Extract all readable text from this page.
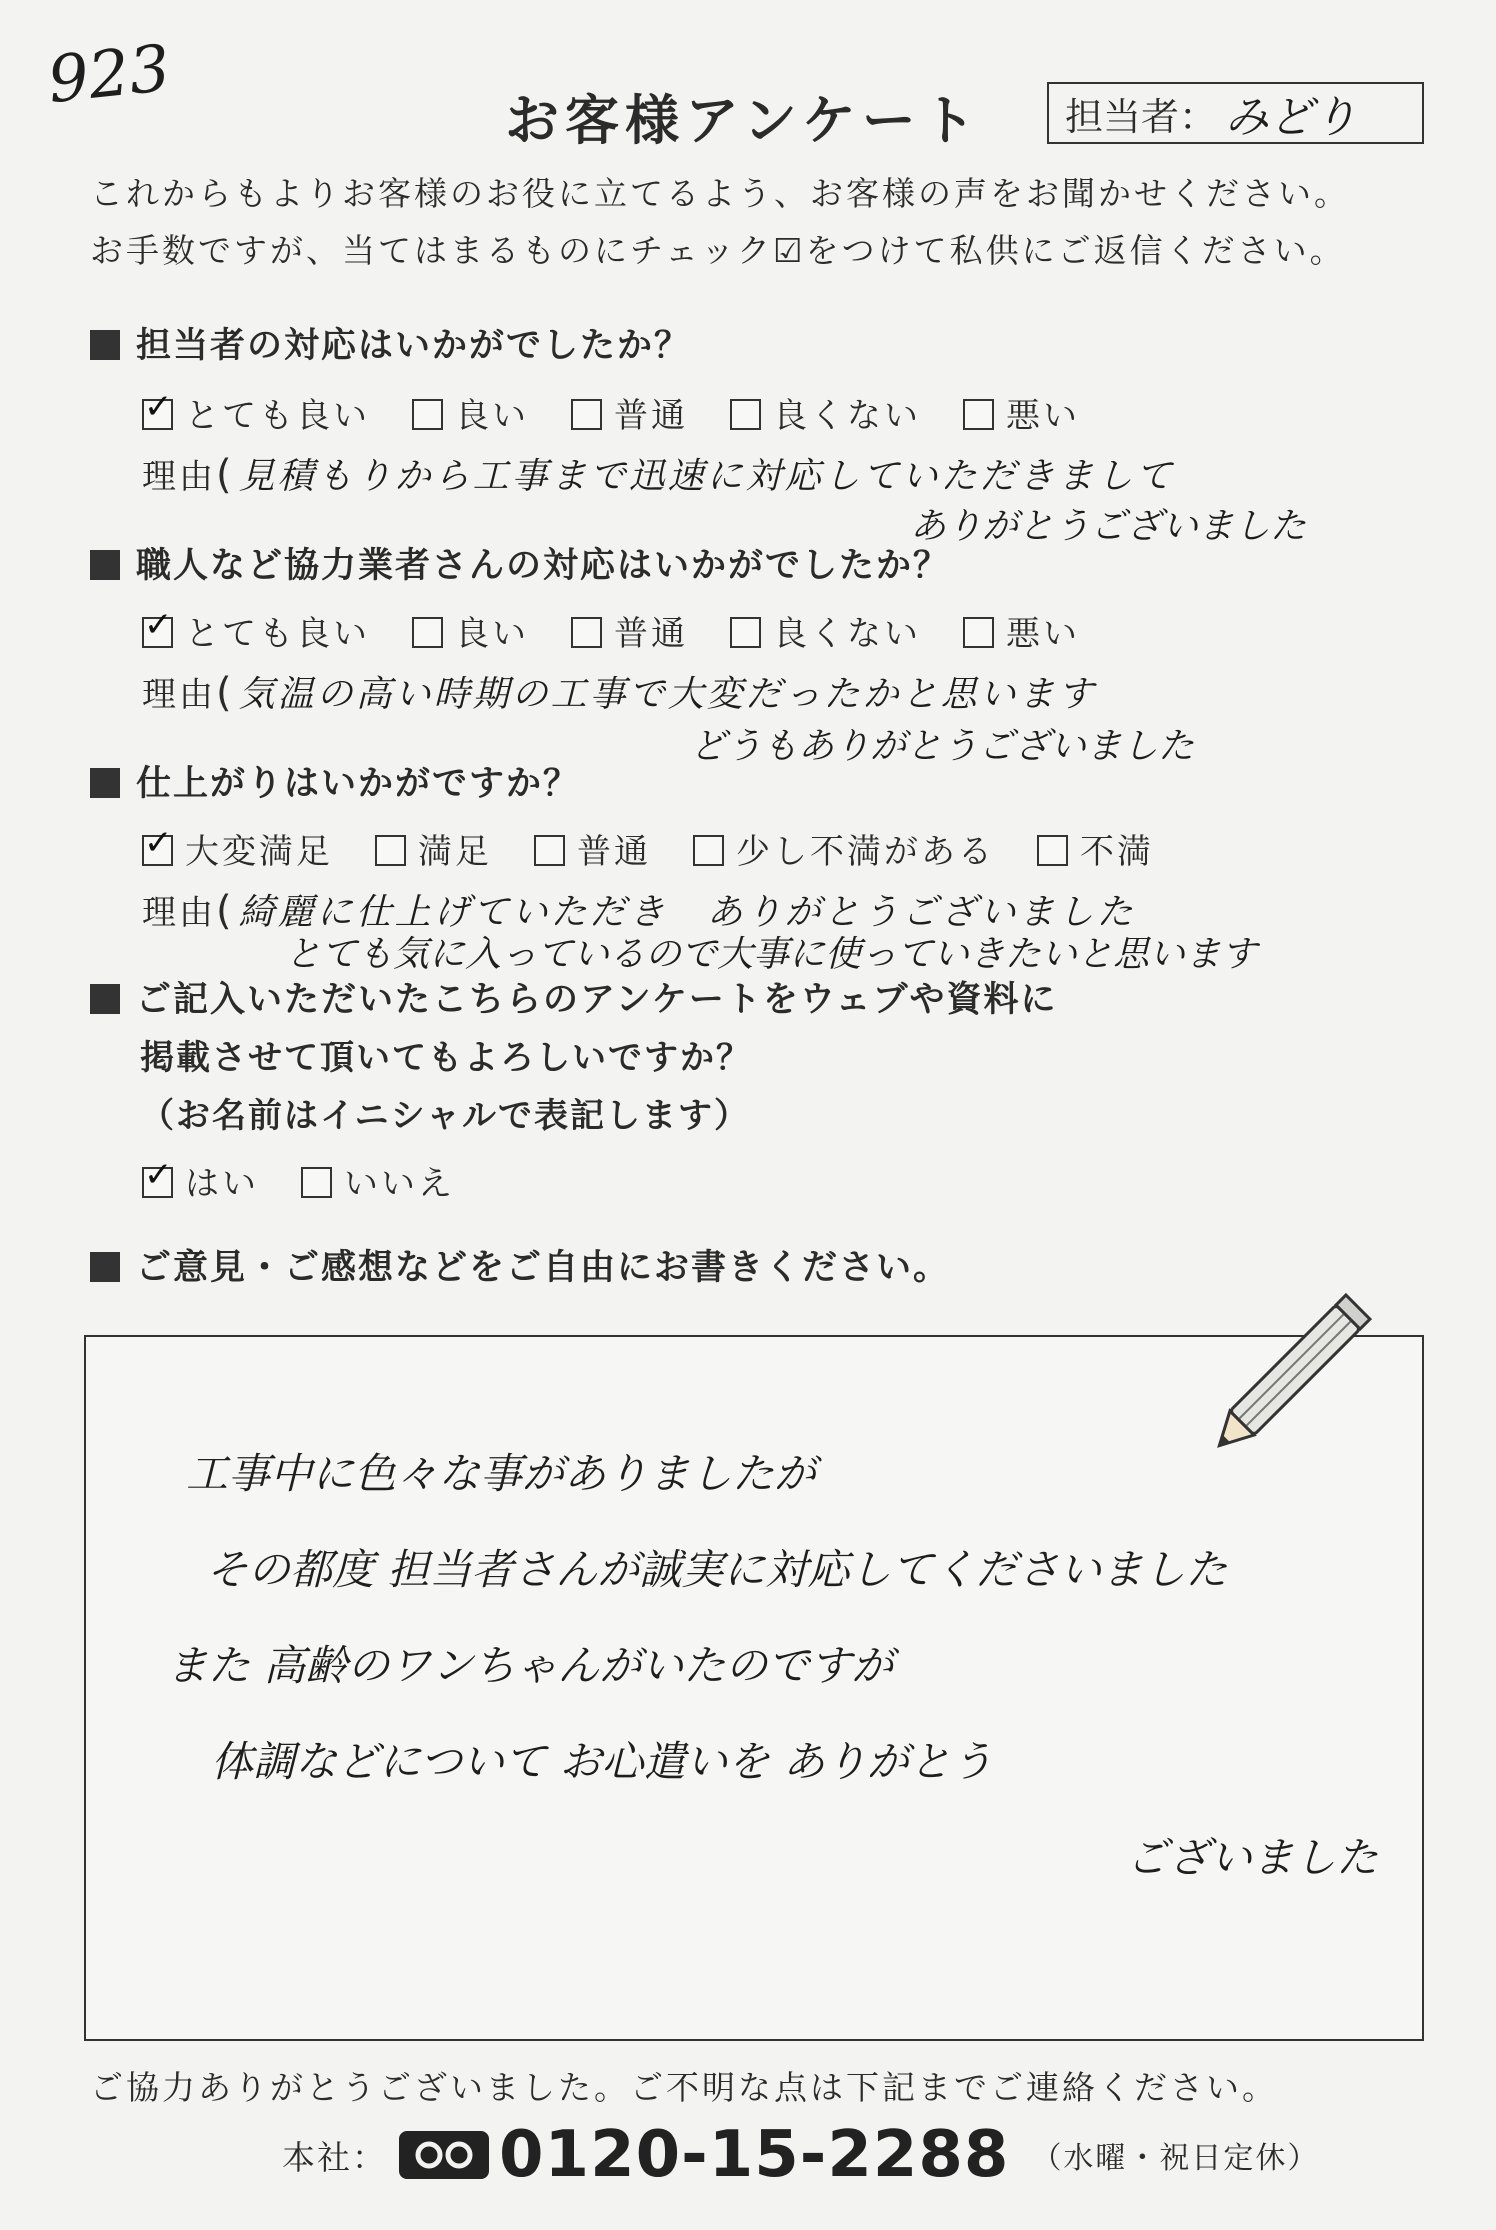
923
お客様アンケート 担当者： みどり
これからもよりお客様のお役に立てるよう、お客様の声をお聞かせください。
お手数ですが、当てはまるものにチェック☑をつけて私供にご返信ください。
担当者の対応はいかがでしたか？
✓とても良い	良い	普通	良くない	悪い
理由( 見積もりから工事まで迅速に対応していただきまして
ありがとうございました
職人など協力業者さんの対応はいかがでしたか？
✓とても良い	良い	普通	良くない	悪い
理由( 気温の高い時期の工事で大変だったかと思います
どうもありがとうございました
仕上がりはいかがですか？
✓大変満足	満足	普通	少し不満がある	不満
理由( 綺麗に仕上げていただき　ありがとうございました
とても気に入っているので大事に使っていきたいと思います
ご記入いただいたこちらのアンケートをウェブや資料に
掲載させて頂いてもよろしいですか？
（お名前はイニシャルで表記します）
✓はい	いいえ
ご意見・ご感想などをご自由にお書きください。
工事中に色々な事がありましたが
その都度 担当者さんが誠実に対応してくださいました
また 高齢のワンちゃんがいたのですが
体調などについて お心遣いを ありがとう
ございました
ご協力ありがとうございました。ご不明な点は下記までご連絡ください。
本社： 0120-15-2288 （水曜・祝日定休）
